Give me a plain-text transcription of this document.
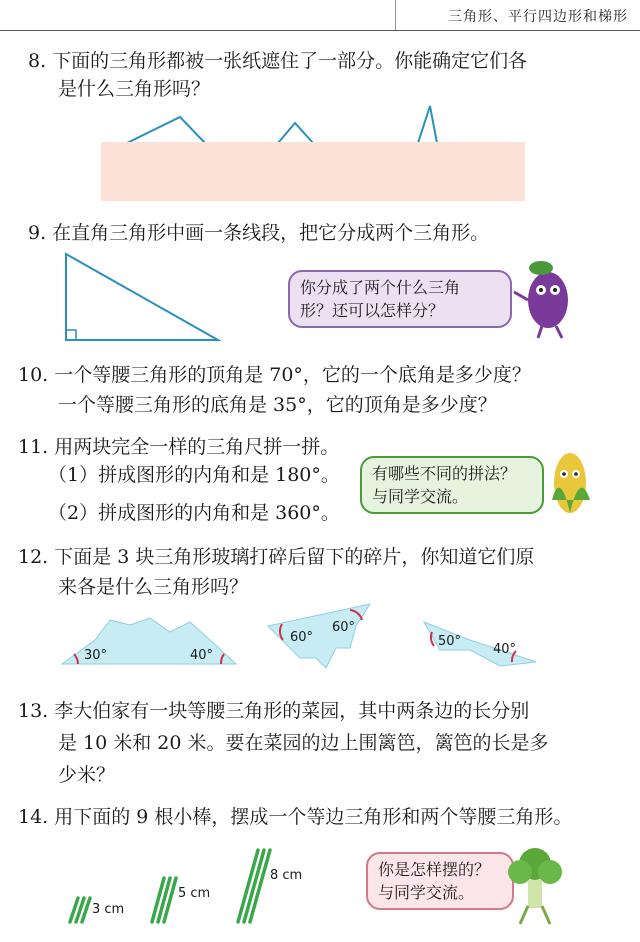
三角形、平行四边形和梯形
8. 下面的三角形都被一张纸遮住了一部分。你能确定它们各
是什么三角形吗？
9. 在直角三角形中画一条线段，把它分成两个三角形。
你分成了两个什么三角
形？还可以怎样分？
10. 一个等腰三角形的顶角是 70°，它的一个底角是多少度？
一个等腰三角形的底角是 35°，它的顶角是多少度？
11. 用两块完全一样的三角尺拼一拼。
（1）拼成图形的内角和是 180°。
（2）拼成图形的内角和是 360°。
有哪些不同的拼法？
与同学交流。
12. 下面是 3 块三角形玻璃打碎后留下的碎片，你知道它们原
来各是什么三角形吗？
30°	40°
60°
60°
50°
40°
13. 李大伯家有一块等腰三角形的菜园，其中两条边的长分别
是 10 米和 20 米。要在菜园的边上围篱笆，篱笆的长是多
少米？
14. 用下面的 9 根小棒，摆成一个等边三角形和两个等腰三角形。
3 cm
5 cm
8 cm	你是怎样摆的？
与同学交流。
